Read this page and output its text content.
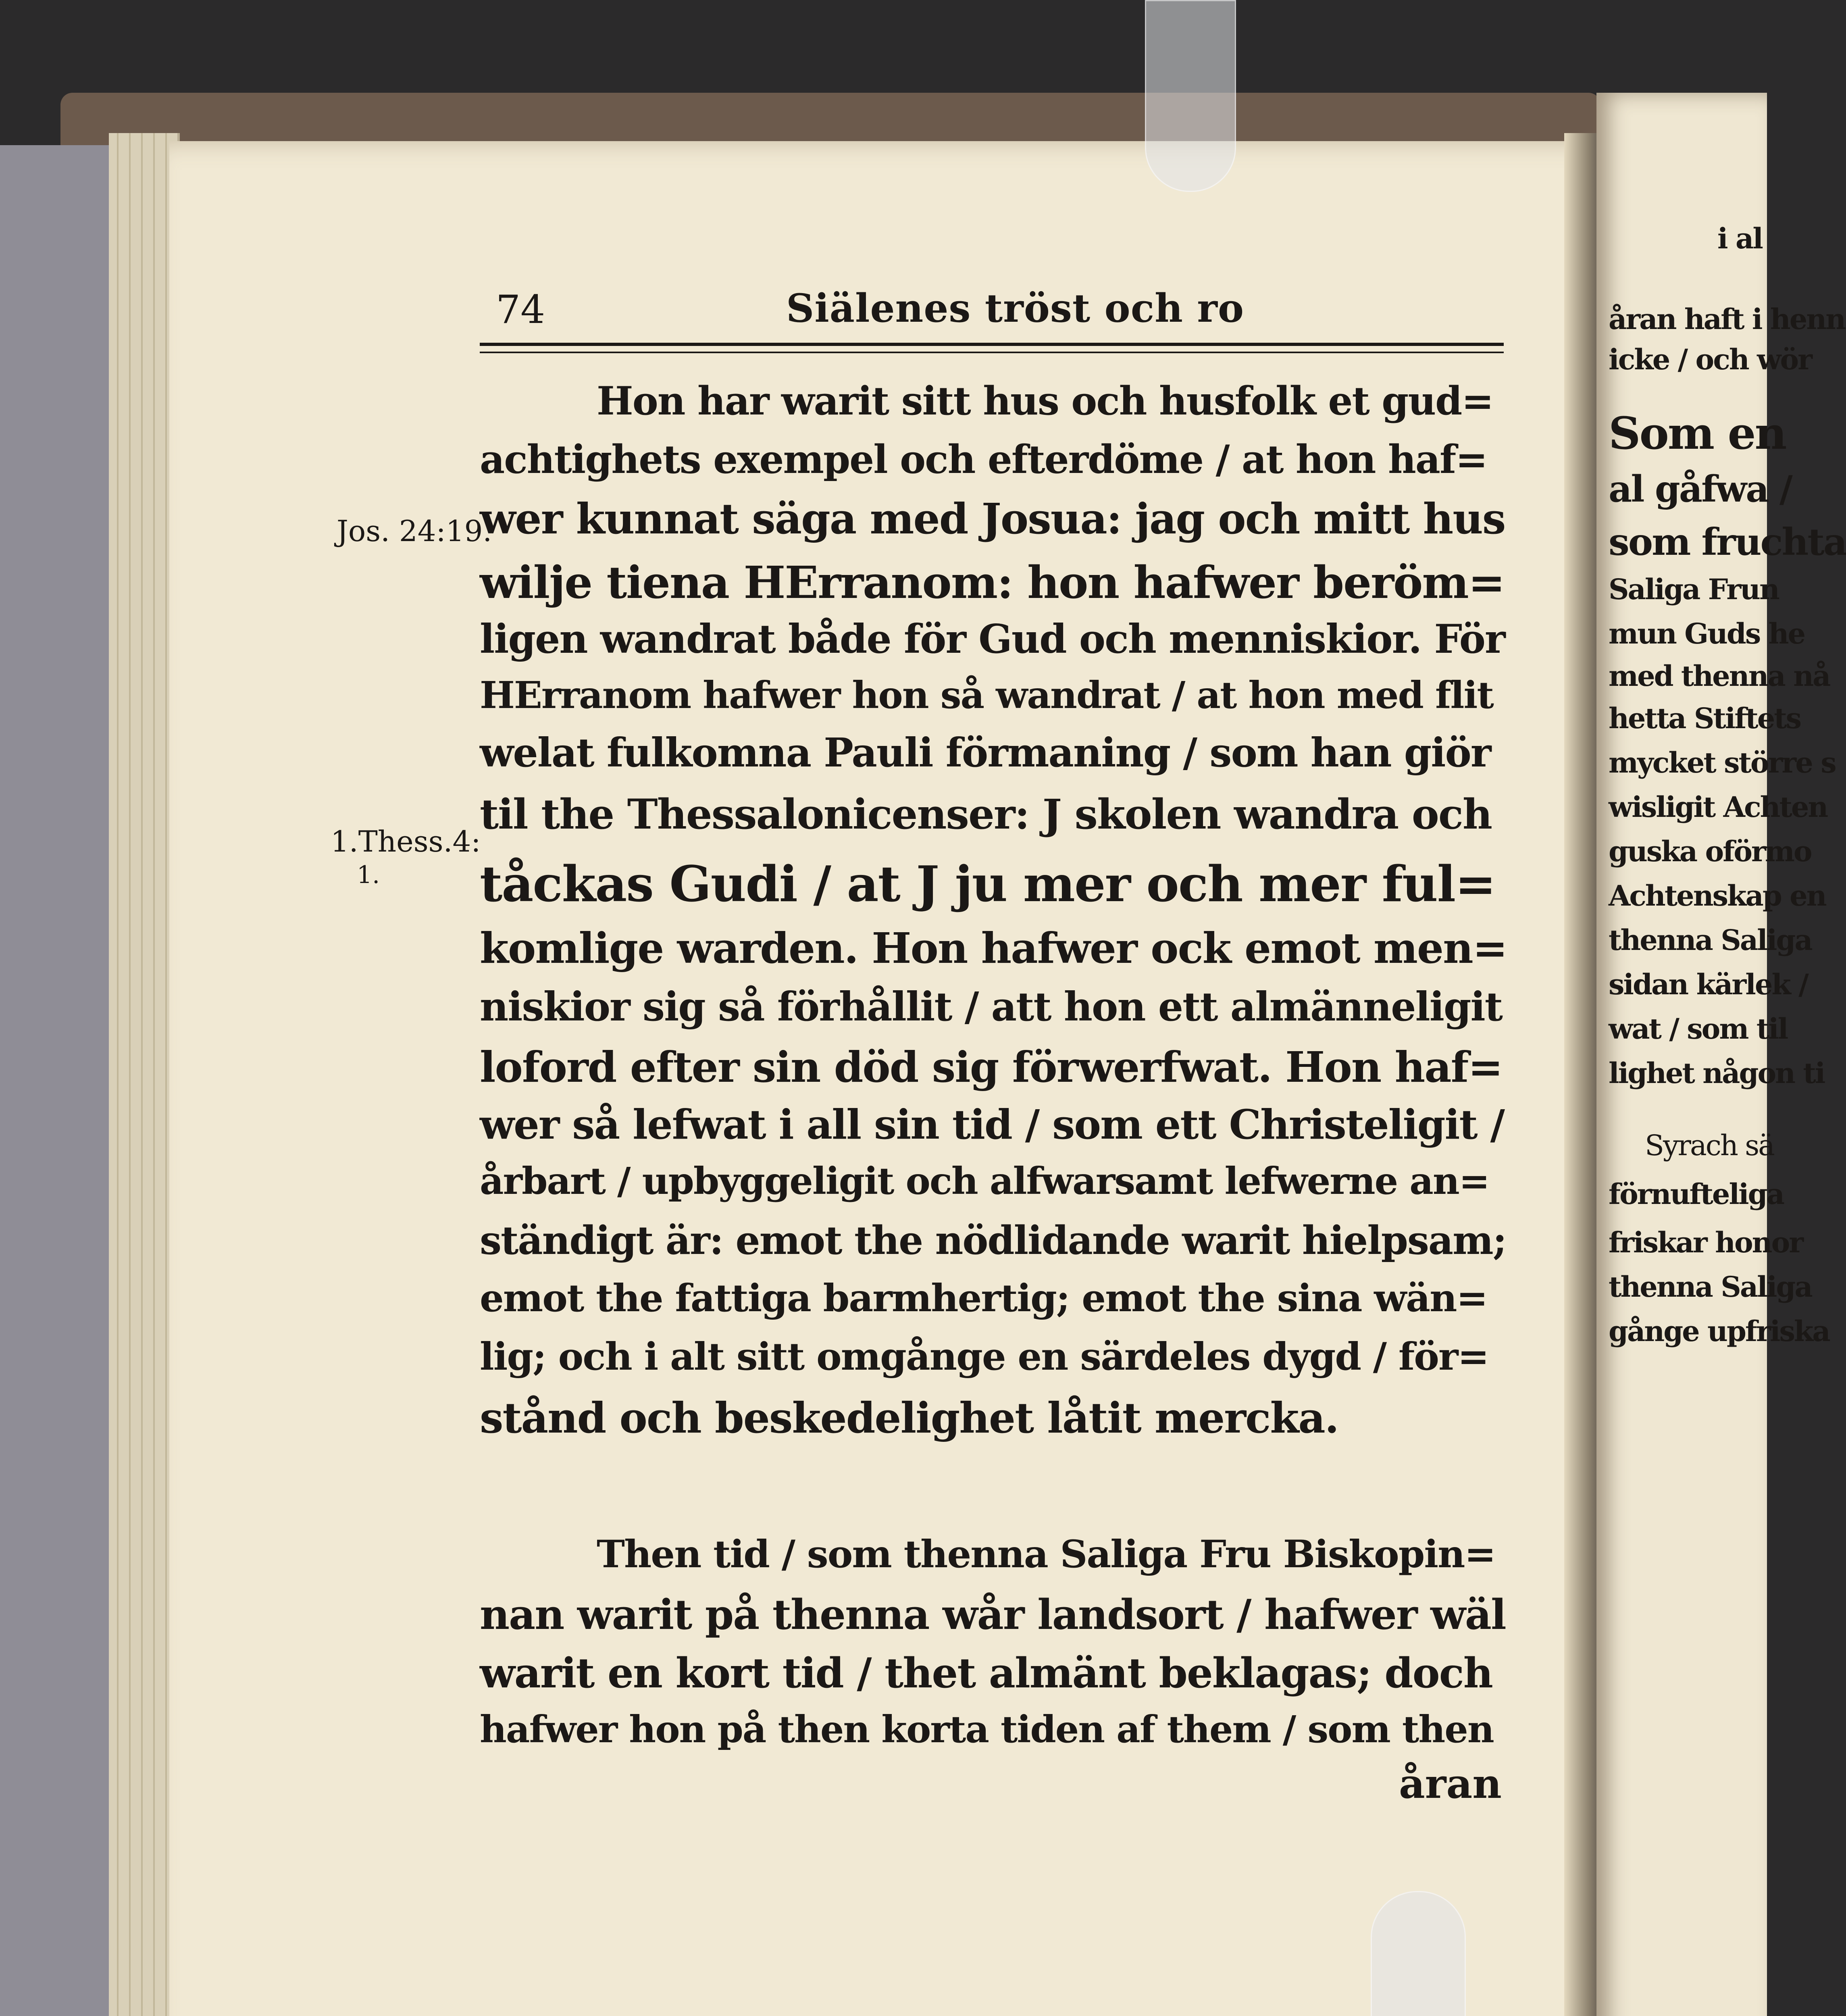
i al
åran haft i henn
icke / och wör
Som en
al gåfwa /
som fruchta
Saliga Frun
mun Guds he
med thenna nå
hetta Stiftets
mycket större s
wisligit Achten
guska oförmo
Achtenskap en
thenna Saliga
sidan kärlek /
wat / som til
lighet någon ti
Syrach sä
förnufteliga
friskar honor
thenna Saliga
gånge upfriska
74	Siälenes tröst och ro
Jos. 24:19.
1.Thess.4:
1.
Hon har warit sitt hus och husfolk et gud=
achtighets exempel och efterdöme / at hon haf=
wer kunnat säga med Josua: jag och mitt hus
wilje tiena HErranom: hon hafwer beröm=
ligen wandrat både för Gud och menniskior. För
HErranom hafwer hon så wandrat / at hon med flit
welat fulkomna Pauli förmaning / som han giör
til the Thessalonicenser: J skolen wandra och
tåckas Gudi / at J ju mer och mer ful=
komlige warden. Hon hafwer ock emot men=
niskior sig så förhållit / att hon ett almänneligit
loford efter sin död sig förwerfwat. Hon haf=
wer så lefwat i all sin tid / som ett Christeligit /
årbart / upbyggeligit och alfwarsamt lefwerne an=
ständigt är: emot the nödlidande warit hielpsam;
emot the fattiga barmhertig; emot the sina wän=
lig; och i alt sitt omgånge en särdeles dygd / för=
stånd och beskedelighet låtit mercka.
Then tid / som thenna Saliga Fru Biskopin=
nan warit på thenna wår landsort / hafwer wäl
warit en kort tid / thet almänt beklagas; doch
hafwer hon på then korta tiden af them / som then
åran
